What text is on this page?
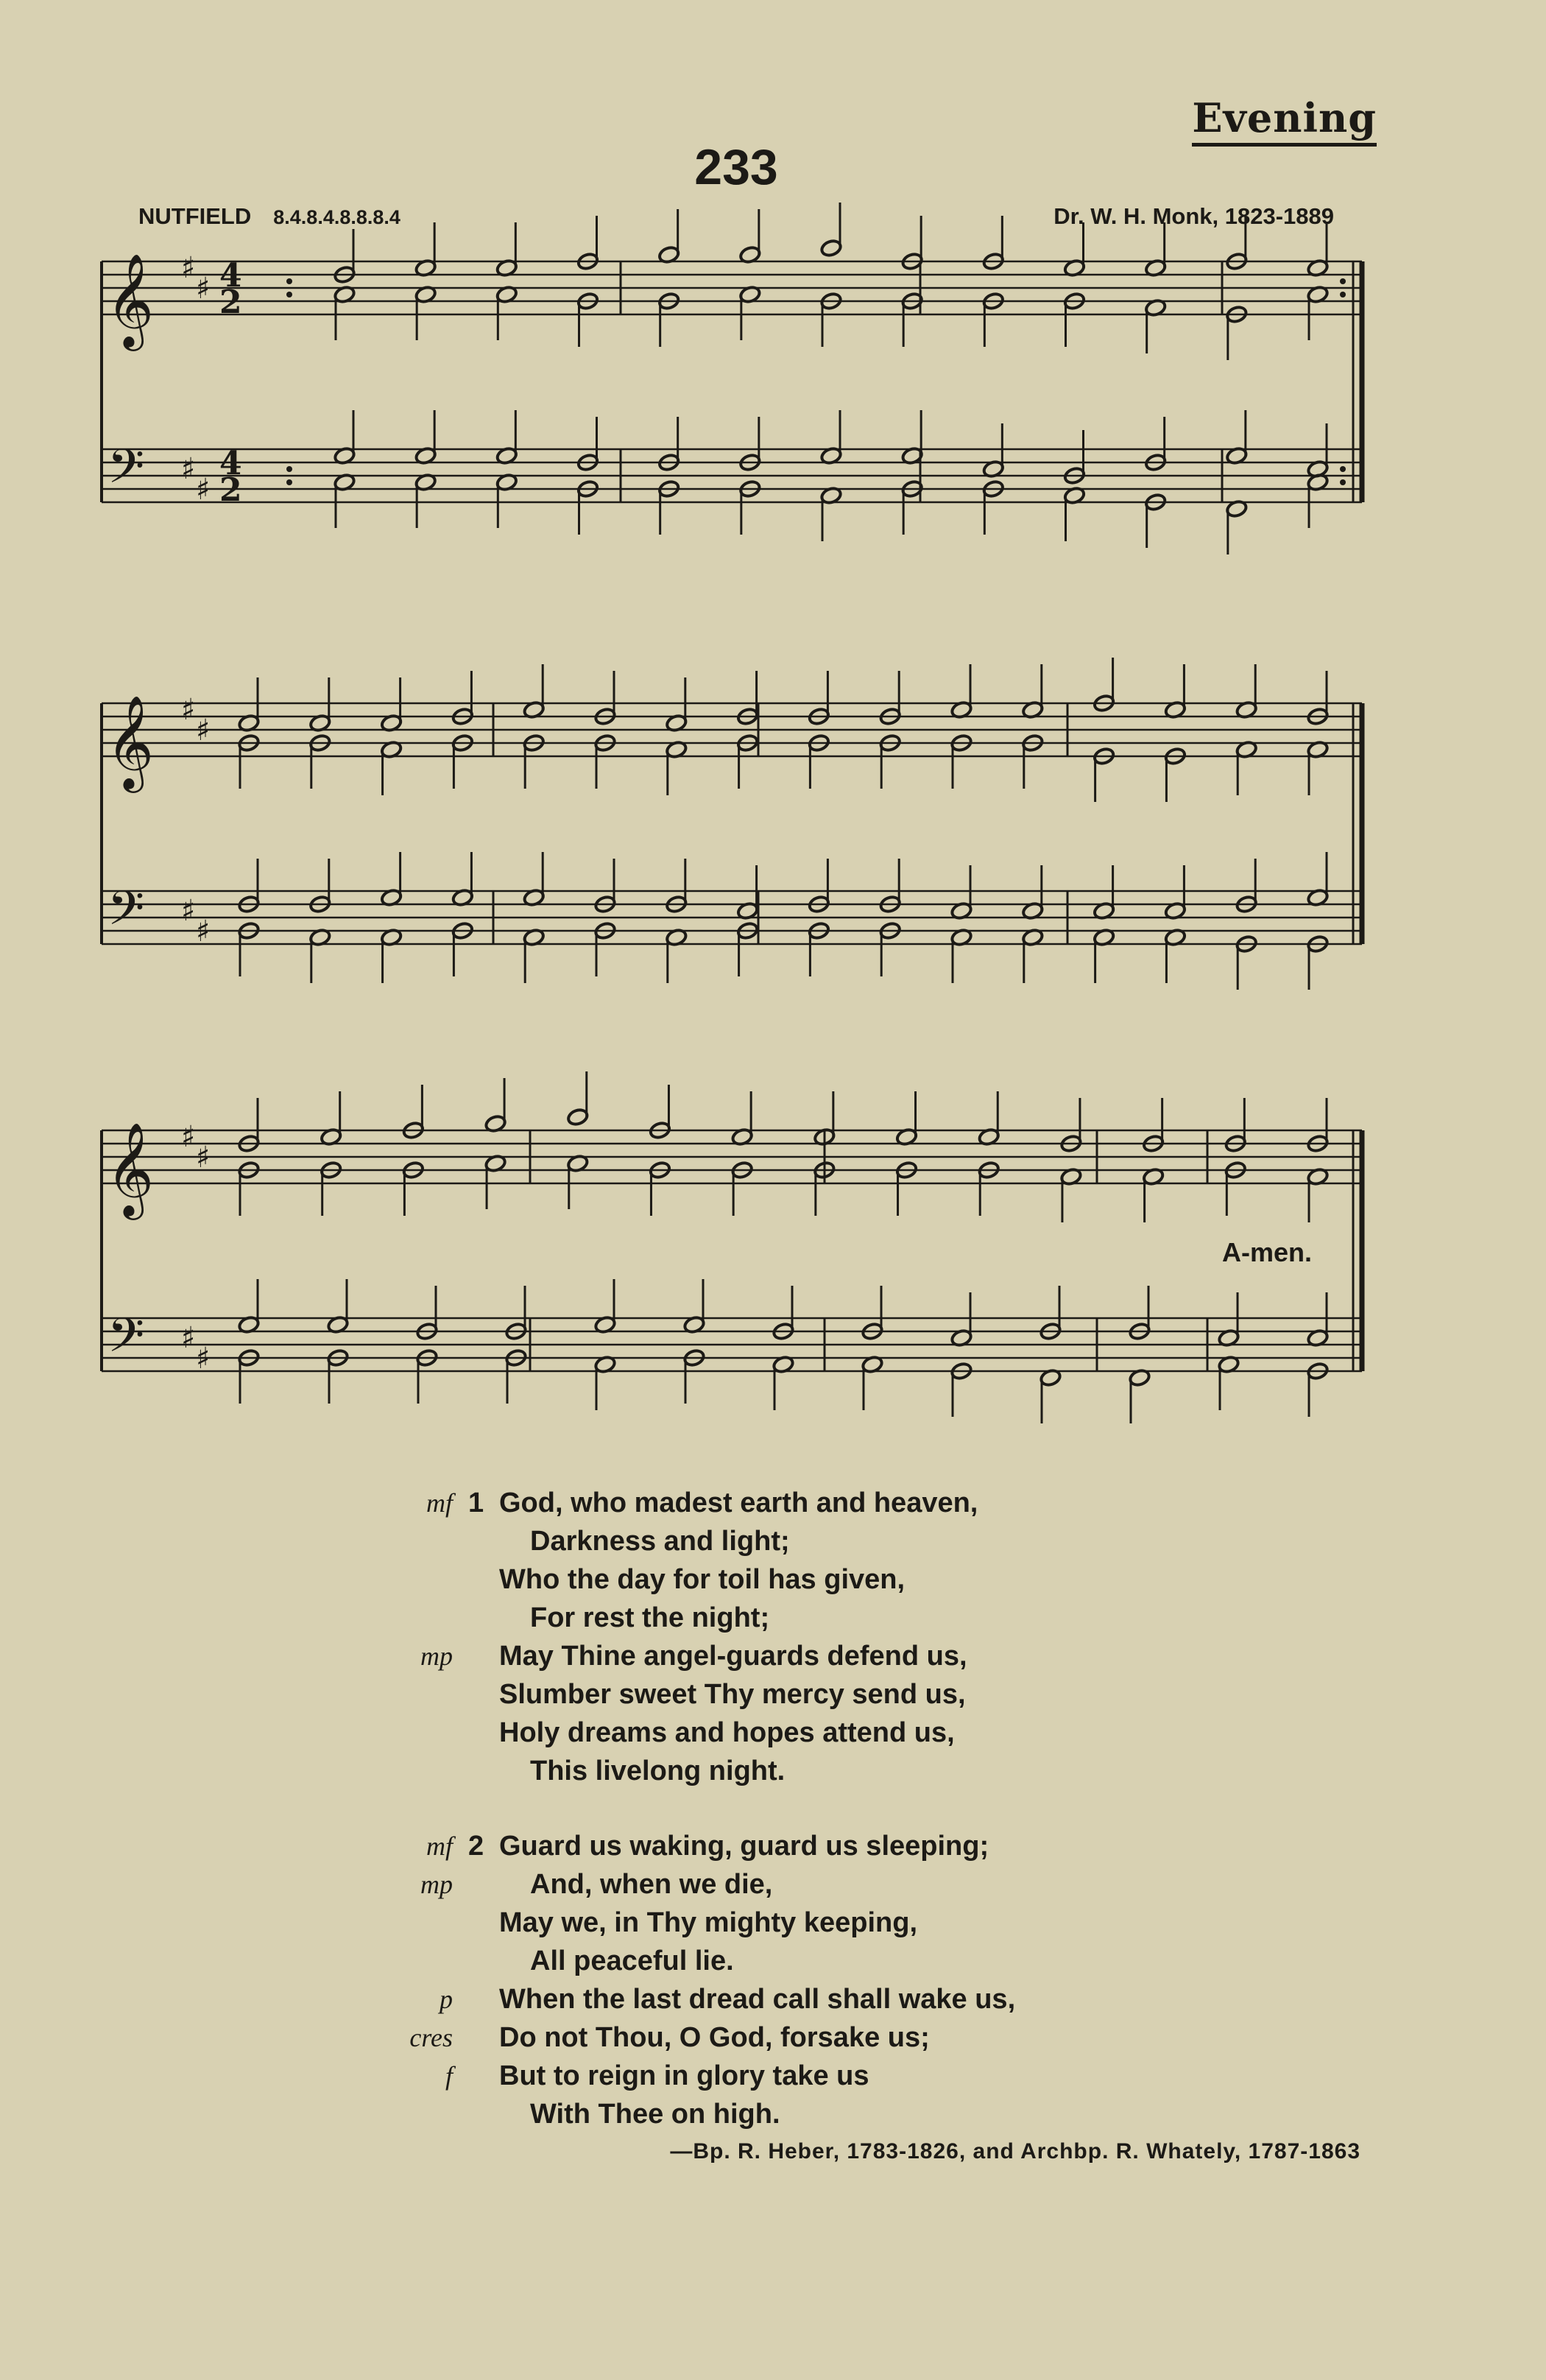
Evening
233
NUTFIELD 8.4.8.4.8.8.8.4	Dr. W. H. Monk, 1823-1889
𝄞
𝄢
♯
♯
♯
♯
4
2
4
2
𝄞
𝄢
♯
♯
♯
♯
𝄞
𝄢
♯
♯
♯
♯
A-men.
mf 1 God, who madest earth and heaven,
Darkness and light;
Who the day for toil has given,
For rest the night;
mp May Thine angel-guards defend us,
Slumber sweet Thy mercy send us,
Holy dreams and hopes attend us,
This livelong night.
mf 2 Guard us waking, guard us sleeping;
mp	And, when we die,
May we, in Thy mighty keeping,
All peaceful lie.
p When the last dread call shall wake us,
cres Do not Thou, O God, forsake us;
f But to reign in glory take us
With Thee on high.
—Bp. R. Heber, 1783-1826, and Archbp. R. Whately, 1787-1863
